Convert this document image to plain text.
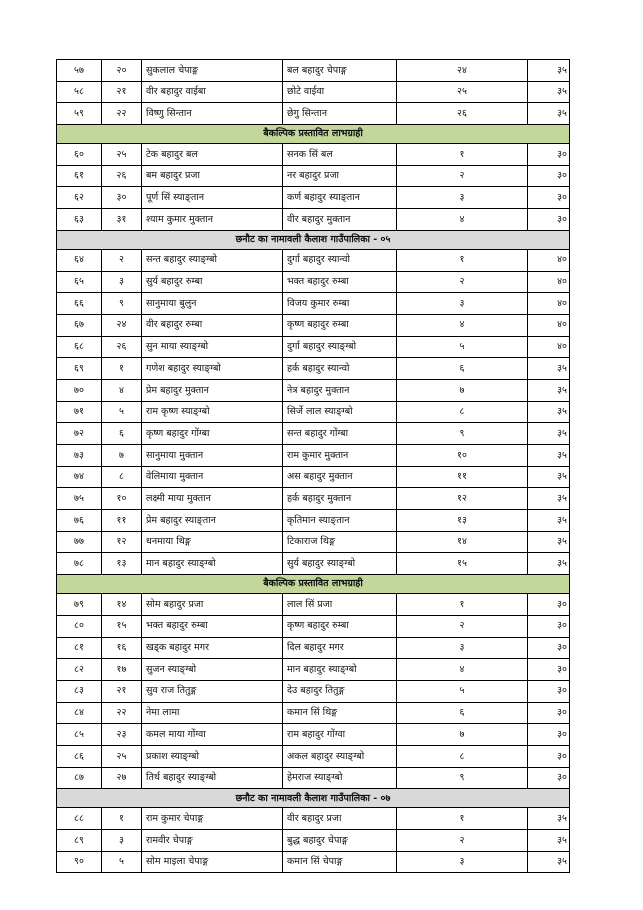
५७	२०	सुकलाल चेपाङ्ग	बल बहादुर चेपाङ्ग	२४	३५
५८	२१	वीर बहादुर वाईबा	छोटे वाईवा	२५	३५
५९	२२	विष्णु सिन्तान	छेगु सिन्तान	२६	३५
बैकल्पिक प्रस्तावित लाभग्राही					
६०	२५	टेक बहादुर बल	सनक सिं बल	१	३०
६१	२६	बम बहादुर प्रजा	नर बहादुर प्रजा	२	३०
६२	३०	पूर्ण सिं स्याङ्तान	कर्ण बहादुर स्याङ्तान	३	३०
६३	३१	श्याम कुमार मुक्तान	वीर बहादुर मुक्तान	४	३०
छनौट का नामावली कैलाश गाउँपालिका - ०५					
६४	२	सन्त बहादुर स्याङ्ग्बो	दुर्गा बहादुर स्यान्वो	१	४०
६५	३	सुर्य बहादुर रुम्बा	भक्त बहादुर रुम्बा	२	४०
६६	९	सानुमाया बुलुन	विजय कुमार रुम्बा	३	४०
६७	२४	वीर बहादुर रुम्बा	कृष्ण बहादुर रुम्बा	४	४०
६८	२६	सुन माया स्याङ्ग्बो	दुर्गा बहादुर स्याङ्ग्बो	५	४०
६९	१	गणेश बहादुर स्याङ्ग्बो	हर्क बहादुर स्यान्वो	६	३५
७०	४	प्रेम बहादुर मुक्तान	नेत्र बहादुर मुक्तान	७	३५
७१	५	राम कृष्ण स्याङ्ग्बो	सिर्जे लाल स्याङ्ग्बो	८	३५
७२	६	कृष्ण बहादुर गोंग्बा	सन्त बहादुर गोंग्बा	९	३५
७३	७	सानुमाया मुक्तान	राम कुमार मुक्तान	१०	३५
७४	८	वेलिमाया मुक्तान	अस बहादुर मुक्तान	११	३५
७५	१०	लक्ष्मी माया मुक्तान	हर्क बहादुर मुक्तान	१२	३५
७६	११	प्रेम बहादुर स्याङ्तान	कृतिमान स्याङ्तान	१३	३५
७७	१२	धनमाया थिङ्ग	टिकाराज थिङ्ग	१४	३५
७८	१३	मान बहादुर स्याङ्ग्बो	सुर्य बहादुर स्याङ्ग्बो	१५	३५
बैकल्पिक प्रस्तावित लाभग्राही					
७९	१४	सोम बहादुर प्रजा	लाल सिं प्रजा	१	३०
८०	१५	भक्त बहादुर रुम्बा	कृष्ण बहादुर रुम्बा	२	३०
८१	१६	खड्क बहादुर मगर	दिल बहादुर मगर	३	३०
८२	१७	सुजन स्याङ्ग्बो	मान बहादुर स्याङ्ग्बो	४	३०
८३	२१	सुव राज तितुङ्ग	देउ बहादुर तितुङ्ग	५	३०
८४	२२	नेमा लामा	कमान सिं थिङ्ग	६	३०
८५	२३	कमल माया गोंग्वा	राम बहादुर गोंग्वा	७	३०
८६	२५	प्रकाश स्याङ्ग्बो	अकल बहादुर स्याङ्ग्बो	८	३०
८७	२७	तिर्थ बहादुर स्याङ्ग्बो	हेमराज स्याङ्ग्बो	९	३०
छनौट का नामावली कैलाश गाउँपालिका - ०७					
८८	१	राम कुमार चेपाङ्ग	वीर बहादुर प्रजा	१	३५
८९	३	रामवीर चेपाङ्ग	बुद्ध बहादुर चेपाङ्ग	२	३५
९०	५	सोम माइला चेपाङ्ग	कमान सिं चेपाङ्ग	३	३५
